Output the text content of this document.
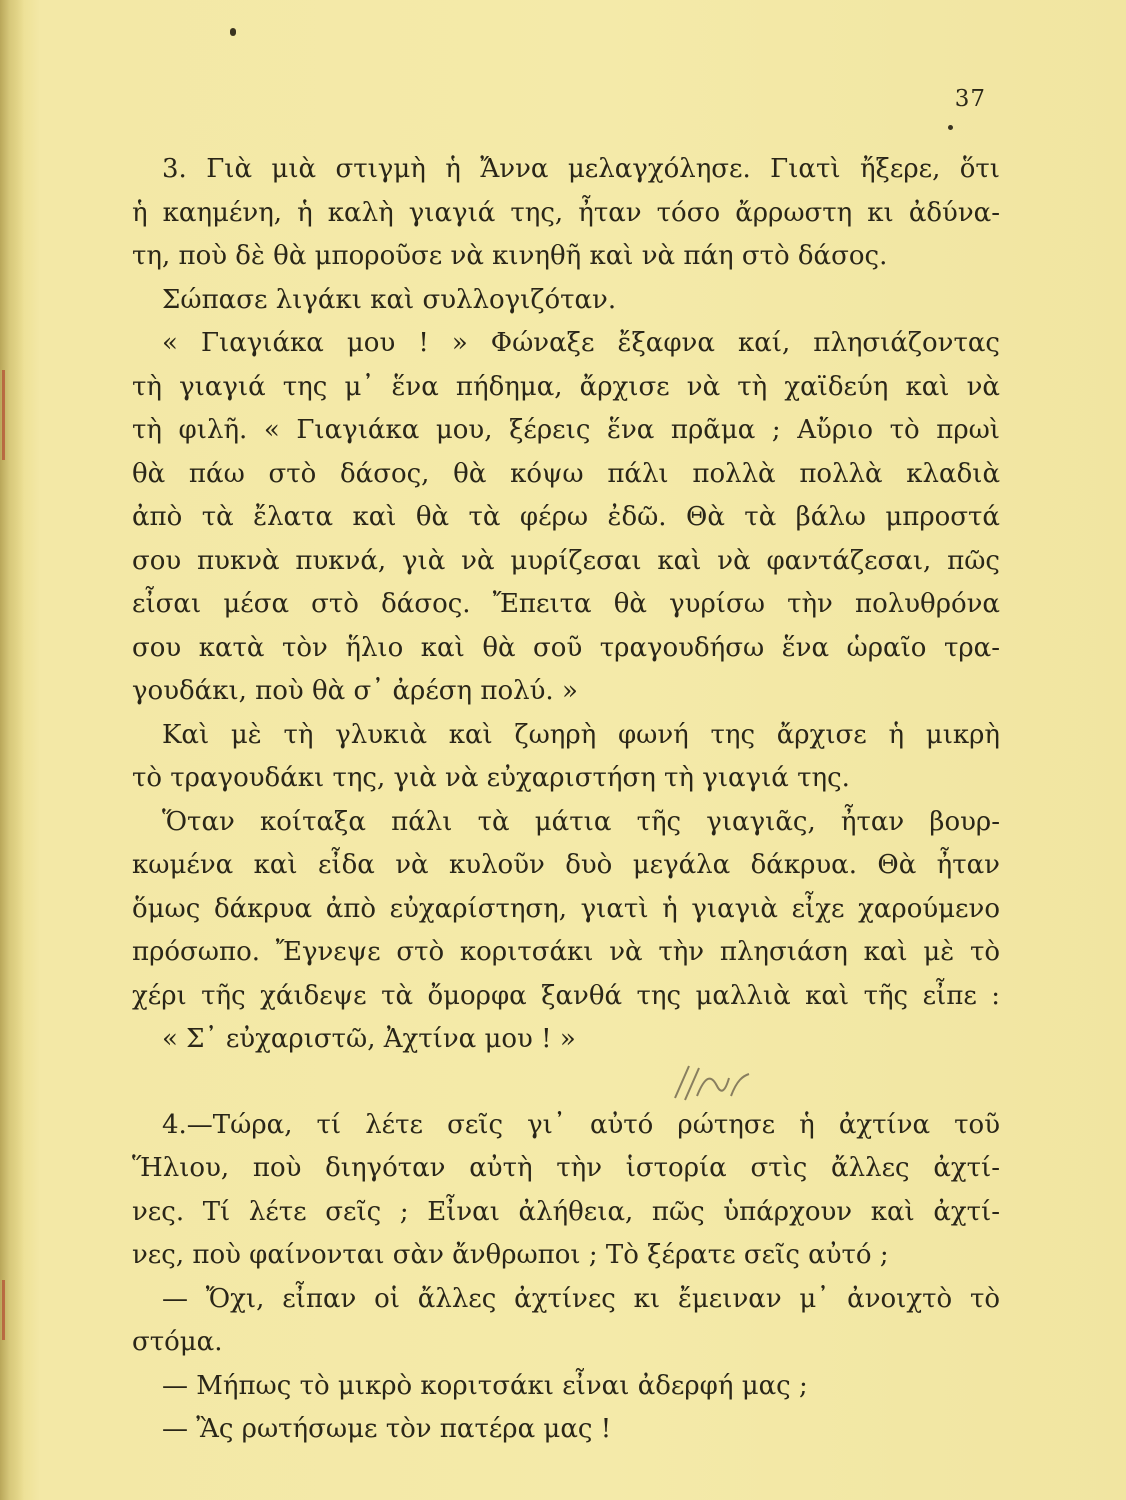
37
3. Γιὰ μιὰ στιγμὴ ἡ Ἄννα μελαγχόλησε. Γιατὶ ἤξερε, ὅτι
ἡ καημένη, ἡ καλὴ γιαγιά της, ἦταν τόσο ἄρρωστη κι ἀδύνα-
τη, ποὺ δὲ θὰ μποροῦσε νὰ κινηθῆ καὶ νὰ πάη στὸ δάσος.
Σώπασε λιγάκι καὶ συλλογιζόταν.
« Γιαγιάκα μου ! » Φώναξε ἔξαφνα καί, πλησιάζοντας
τὴ γιαγιά της μ᾽ ἕνα πήδημα, ἄρχισε νὰ τὴ χαϊδεύη καὶ νὰ
τὴ φιλῆ. « Γιαγιάκα μου, ξέρεις ἕνα πρᾶμα ; Αὔριο τὸ πρωὶ
θὰ πάω στὸ δάσος, θὰ κόψω πάλι πολλὰ πολλὰ κλαδιὰ
ἀπὸ τὰ ἔλατα καὶ θὰ τὰ φέρω ἐδῶ. Θὰ τὰ βάλω μπροστά
σου πυκνὰ πυκνά, γιὰ νὰ μυρίζεσαι καὶ νὰ φαντάζεσαι, πῶς
εἶσαι μέσα στὸ δάσος. Ἔπειτα θὰ γυρίσω τὴν πολυθρόνα
σου κατὰ τὸν ἥλιο καὶ θὰ σοῦ τραγουδήσω ἕνα ὡραῖο τρα-
γουδάκι, ποὺ θὰ σ᾽ ἀρέση πολύ. »
Καὶ μὲ τὴ γλυκιὰ καὶ ζωηρὴ φωνή της ἄρχισε ἡ μικρὴ
τὸ τραγουδάκι της, γιὰ νὰ εὐχαριστήση τὴ γιαγιά της.
Ὅταν κοίταξα πάλι τὰ μάτια τῆς γιαγιᾶς, ἦταν βουρ-
κωμένα καὶ εἶδα νὰ κυλοῦν δυὸ μεγάλα δάκρυα. Θὰ ἦταν
ὅμως δάκρυα ἀπὸ εὐχαρίστηση, γιατὶ ἡ γιαγιὰ εἶχε χαρούμενο
πρόσωπο. Ἔγνεψε στὸ κοριτσάκι νὰ τὴν πλησιάση καὶ μὲ τὸ
χέρι τῆς χάιδεψε τὰ ὄμορφα ξανθά της μαλλιὰ καὶ τῆς εἶπε :
« Σ᾽ εὐχαριστῶ, Ἀχτίνα μου ! »
4.—Τώρα, τί λέτε σεῖς γι᾽ αὐτό ρώτησε ἡ ἀχτίνα τοῦ
Ἥλιου, ποὺ διηγόταν αὐτὴ τὴν ἱστορία στὶς ἄλλες ἀχτί-
νες. Τί λέτε σεῖς ; Εἶναι ἀλήθεια, πῶς ὑπάρχουν καὶ ἀχτί-
νες, ποὺ φαίνονται σὰν ἄνθρωποι ; Τὸ ξέρατε σεῖς αὐτό ;
— Ὄχι, εἶπαν οἱ ἄλλες ἀχτίνες κι ἔμειναν μ᾽ ἀνοιχτὸ τὸ
στόμα.
— Μήπως τὸ μικρὸ κοριτσάκι εἶναι ἀδερφή μας ;
— Ἂς ρωτήσωμε τὸν πατέρα μας !
